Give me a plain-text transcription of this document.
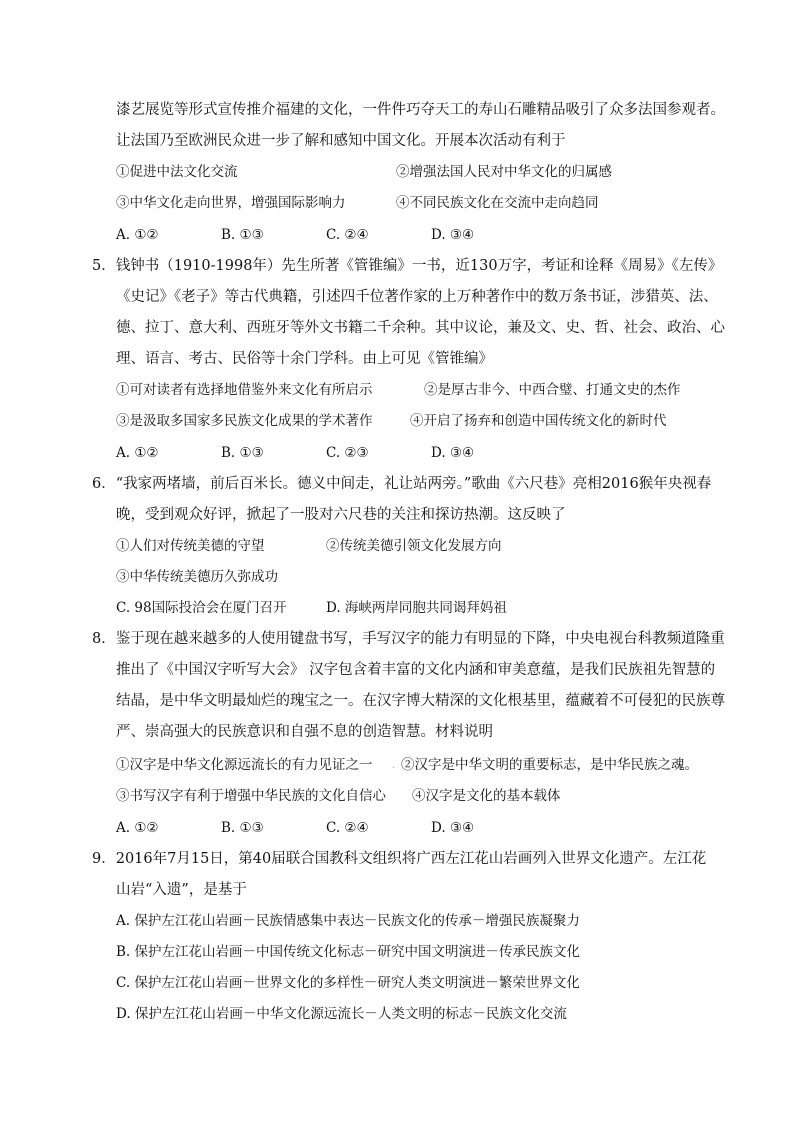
漆艺展览等形式宣传推介福建的文化，一件件巧夺天工的寿山石雕精品吸引了众多法国参观者。
让法国乃至欧洲民众进一步了解和感知中国文化。开展本次活动有利于
①促进中法文化交流	②增强法国人民对中华文化的归属感
③中华文化走向世界，增强国际影响力	④不同民族文化在交流中走向趋同
A. ①②	B. ①③	C. ②④	D. ③④
5．钱钟书（1910-1998年）先生所著《管锥编》一书，近130万字，考证和诠释《周易》《左传》
《史记》《老子》等古代典籍，引述四千位著作家的上万种著作中的数万条书证，涉猎英、法、
德、拉丁、意大利、西班牙等外文书籍二千余种。其中议论，兼及文、史、哲、社会、政治、心
理、语言、考古、民俗等十余门学科。由上可见《管锥编》
①可对读者有选择地借鉴外来文化有所启示	②是厚古非今、中西合璧、打通文史的杰作
③是汲取多国家多民族文化成果的学术著作	④开启了扬弃和创造中国传统文化的新时代
A. ①②	B. ①③	C. ②③	D. ③④
6．“我家两堵墙，前后百米长。德义中间走，礼让站两旁。”歌曲《六尺巷》亮相2016猴年央视春
晚，受到观众好评，掀起了一股对六尺巷的关注和探访热潮。这反映了
①人们对传统美德的守望	②传统美德引领文化发展方向
③中华传统美德历久弥成功
C. 98国际投洽会在厦门召开	D. 海峡两岸同胞共同谒拜妈祖
8．鉴于现在越来越多的人使用键盘书写，手写汉字的能力有明显的下降，中央电视台科教频道隆重
推出了《中国汉字听写大会》 汉字包含着丰富的文化内涵和审美意蕴，是我们民族祖先智慧的
结晶，是中华文明最灿烂的瑰宝之一。在汉字博大精深的文化根基里，蕴藏着不可侵犯的民族尊
严、崇高强大的民族意识和自强不息的创造智慧。材料说明
①汉字是中华文化源远流长的有力见证之一 . ②汉字是中华文明的重要标志，是中华民族之魂。
③书写汉字有利于增强中华民族的文化自信心 ④汉字是文化的基本载体
A. ①②	B. ①③	C. ②④	D. ③④
9．2016年7月15日，第40届联合国教科文组织将广西左江花山岩画列入世界文化遗产。左江花
山岩“入遗”，是基于
A. 保护左江花山岩画－民族情感集中表达－民族文化的传承－增强民族凝聚力
B. 保护左江花山岩画－中国传统文化标志－研究中国文明演进－传承民族文化
C. 保护左江花山岩画－世界文化的多样性－研究人类文明演进－繁荣世界文化
D. 保护左江花山岩画－中华文化源远流长－人类文明的标志－民族文化交流
